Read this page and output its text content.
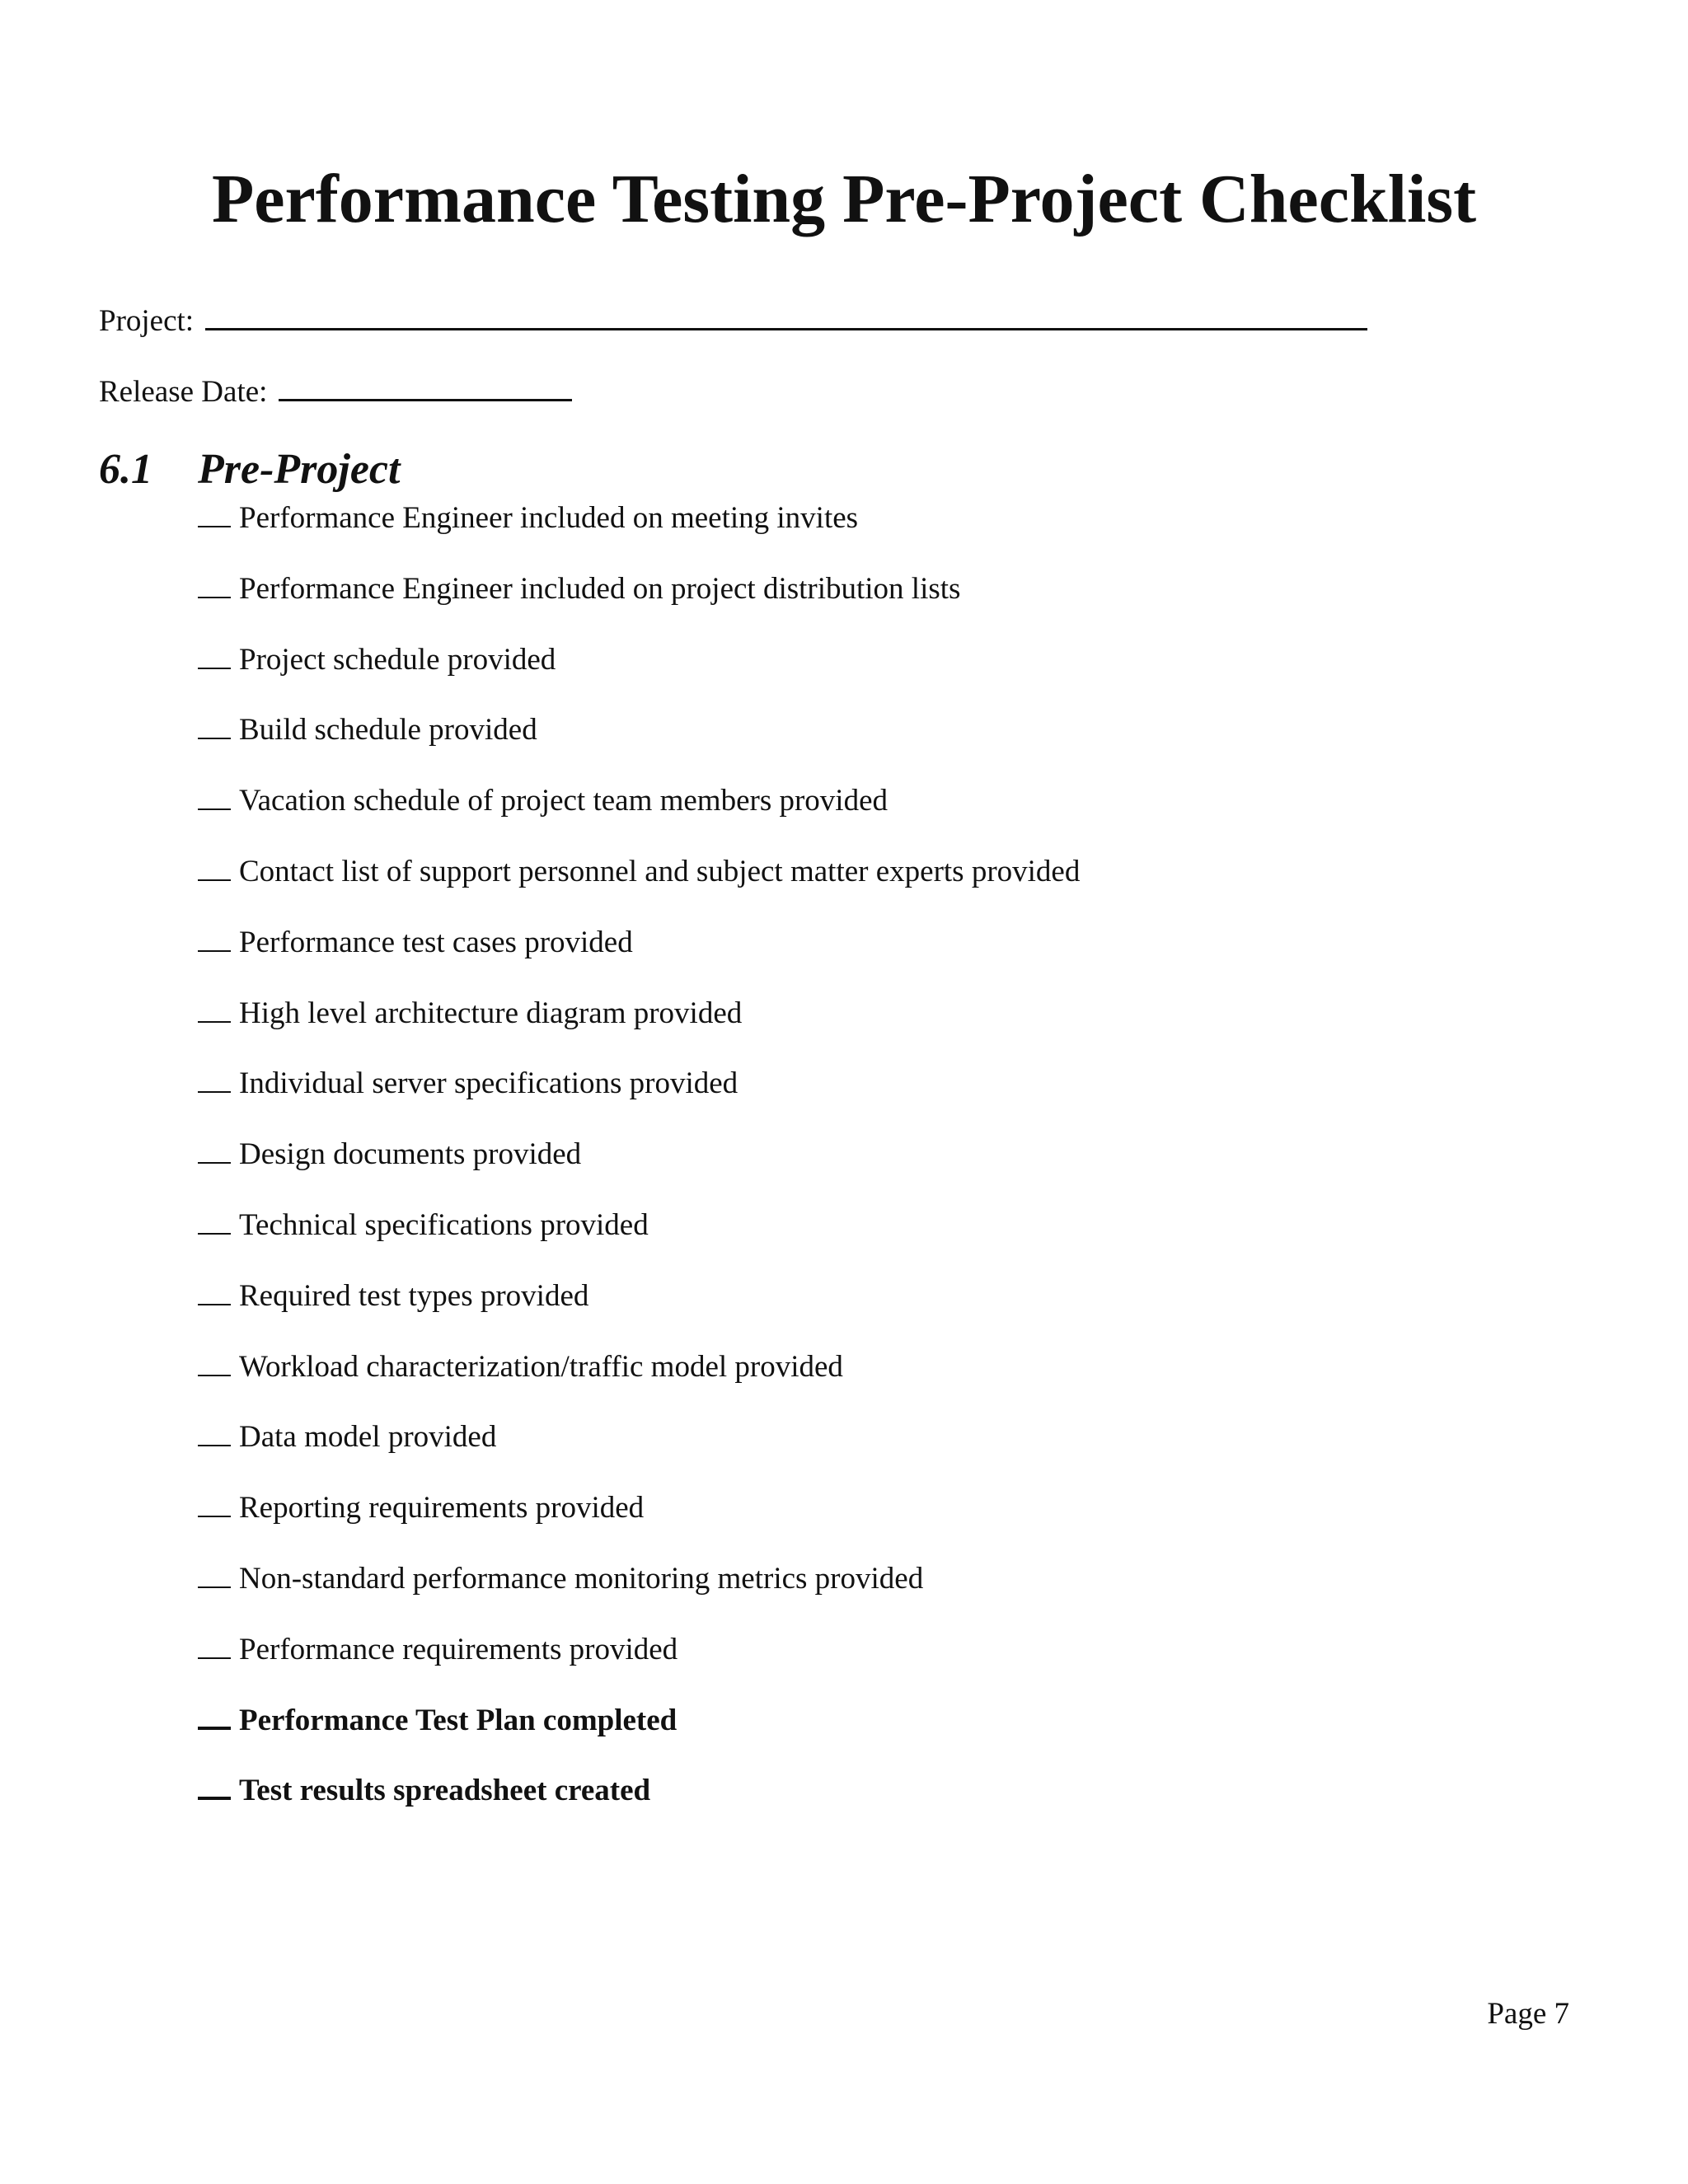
Performance Testing Pre-Project Checklist
Project:
Release Date:
6.1 Pre-Project
Performance Engineer included on meeting invites
Performance Engineer included on project distribution lists
Project schedule provided
Build schedule provided
Vacation schedule of project team members provided
Contact list of support personnel and subject matter experts provided
Performance test cases provided
High level architecture diagram provided
Individual server specifications provided
Design documents provided
Technical specifications provided
Required test types provided
Workload characterization/traffic model provided
Data model provided
Reporting requirements provided
Non-standard performance monitoring metrics provided
Performance requirements provided
Performance Test Plan completed
Test results spreadsheet created
Page 7
